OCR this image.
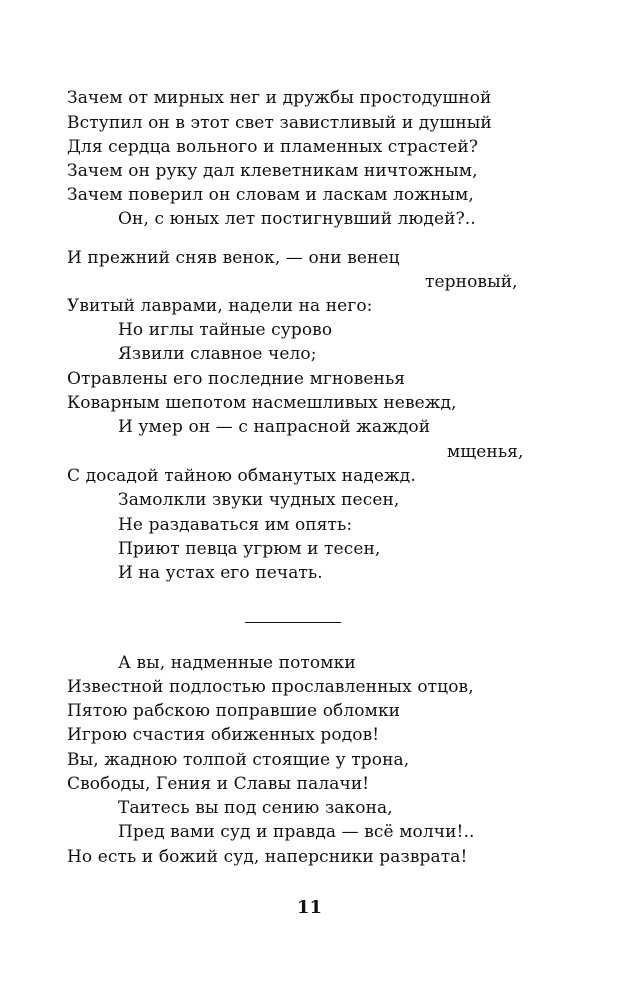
Зачем от мирных нег и дружбы простодушной
Вступил он в этот свет завистливый и душный
Для сердца вольного и пламенных страстей?
Зачем он руку дал клеветникам ничтожным,
Зачем поверил он словам и ласкам ложным,
Он, с юных лет постигнувший людей?..
И прежний сняв венок, — они венец
терновый,
Увитый лаврами, надели на него:
Но иглы тайные сурово
Язвили славное чело;
Отравлены его последние мгновенья
Коварным шепотом насмешливых невежд,
И умер он — с напрасной жаждой
мщенья,
С досадой тайною обманутых надежд.
Замолкли звуки чудных песен,
Не раздаваться им опять:
Приют певца угрюм и тесен,
И на устах его печать.
А вы, надменные потомки
Известной подлостью прославленных отцов,
Пятою рабскою поправшие обломки
Игрою счастия обиженных родов!
Вы, жадною толпой стоящие у трона,
Свободы, Гения и Славы палачи!
Таитесь вы под сению закона,
Пред вами суд и правда — всё молчи!..
Но есть и божий суд, наперсники разврата!
11
